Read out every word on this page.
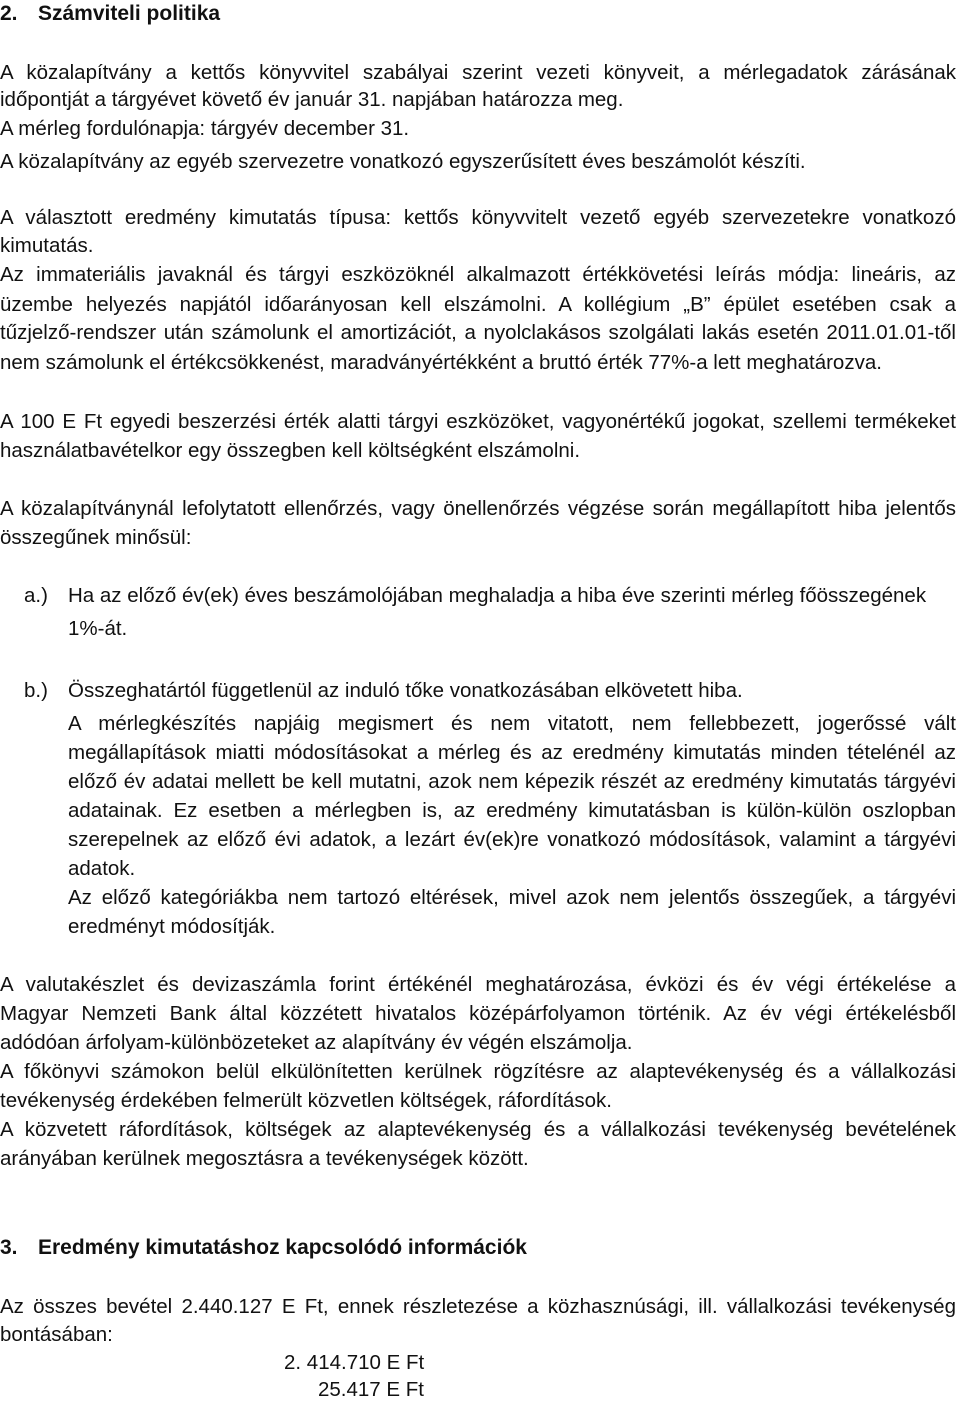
2. Számviteli politika
A közalapítvány a kettős könyvvitel szabályai szerint vezeti könyveit, a mérlegadatok zárásának
időpontját a tárgyévet követő év január 31. napjában határozza meg.
A mérleg fordulónapja: tárgyév december 31.
A közalapítvány az egyéb szervezetre vonatkozó egyszerűsített éves beszámolót készíti.
A választott eredmény kimutatás típusa: kettős könyvvitelt vezető egyéb szervezetekre vonatkozó
kimutatás.
Az immateriális javaknál és tárgyi eszközöknél alkalmazott értékkövetési leírás módja: lineáris, az
üzembe helyezés napjától időarányosan kell elszámolni. A kollégium „B” épület esetében csak a
tűzjelző-rendszer után számolunk el amortizációt, a nyolclakásos szolgálati lakás esetén 2011.01.01-től
nem számolunk el értékcsökkenést, maradványértékként a bruttó érték 77%-a lett meghatározva.
A 100 E Ft egyedi beszerzési érték alatti tárgyi eszközöket, vagyonértékű jogokat, szellemi termékeket
használatbavételkor egy összegben kell költségként elszámolni.
A közalapítványnál lefolytatott ellenőrzés, vagy önellenőrzés végzése során megállapított hiba jelentős
összegűnek minősül:
a.) Ha az előző év(ek) éves beszámolójában meghaladja a hiba éve szerinti mérleg főösszegének
1%-át.
b.) Összeghatártól függetlenül az induló tőke vonatkozásában elkövetett hiba.
A mérlegkészítés napjáig megismert és nem vitatott, nem fellebbezett, jogerőssé vált
megállapítások miatti módosításokat a mérleg és az eredmény kimutatás minden tételénél az
előző év adatai mellett be kell mutatni, azok nem képezik részét az eredmény kimutatás tárgyévi
adatainak. Ez esetben a mérlegben is, az eredmény kimutatásban is külön-külön oszlopban
szerepelnek az előző évi adatok, a lezárt év(ek)re vonatkozó módosítások, valamint a tárgyévi
adatok.
Az előző kategóriákba nem tartozó eltérések, mivel azok nem jelentős összegűek, a tárgyévi
eredményt módosítják.
A valutakészlet és devizaszámla forint értékénél meghatározása, évközi és év végi értékelése a
Magyar Nemzeti Bank által közzétett hivatalos középárfolyamon történik. Az év végi értékelésből
adódóan árfolyam-különbözeteket az alapítvány év végén elszámolja.
A főkönyvi számokon belül elkülönítetten kerülnek rögzítésre az alaptevékenység és a vállalkozási
tevékenység érdekében felmerült közvetlen költségek, ráfordítások.
A közvetett ráfordítások, költségek az alaptevékenység és a vállalkozási tevékenység bevételének
arányában kerülnek megosztásra a tevékenységek között.
3. Eredmény kimutatáshoz kapcsolódó információk
Az összes bevétel 2.440.127 E Ft, ennek részletezése a közhasznúsági, ill. vállalkozási tevékenység
bontásában:
2. 414.710 E Ft
25.417 E Ft
